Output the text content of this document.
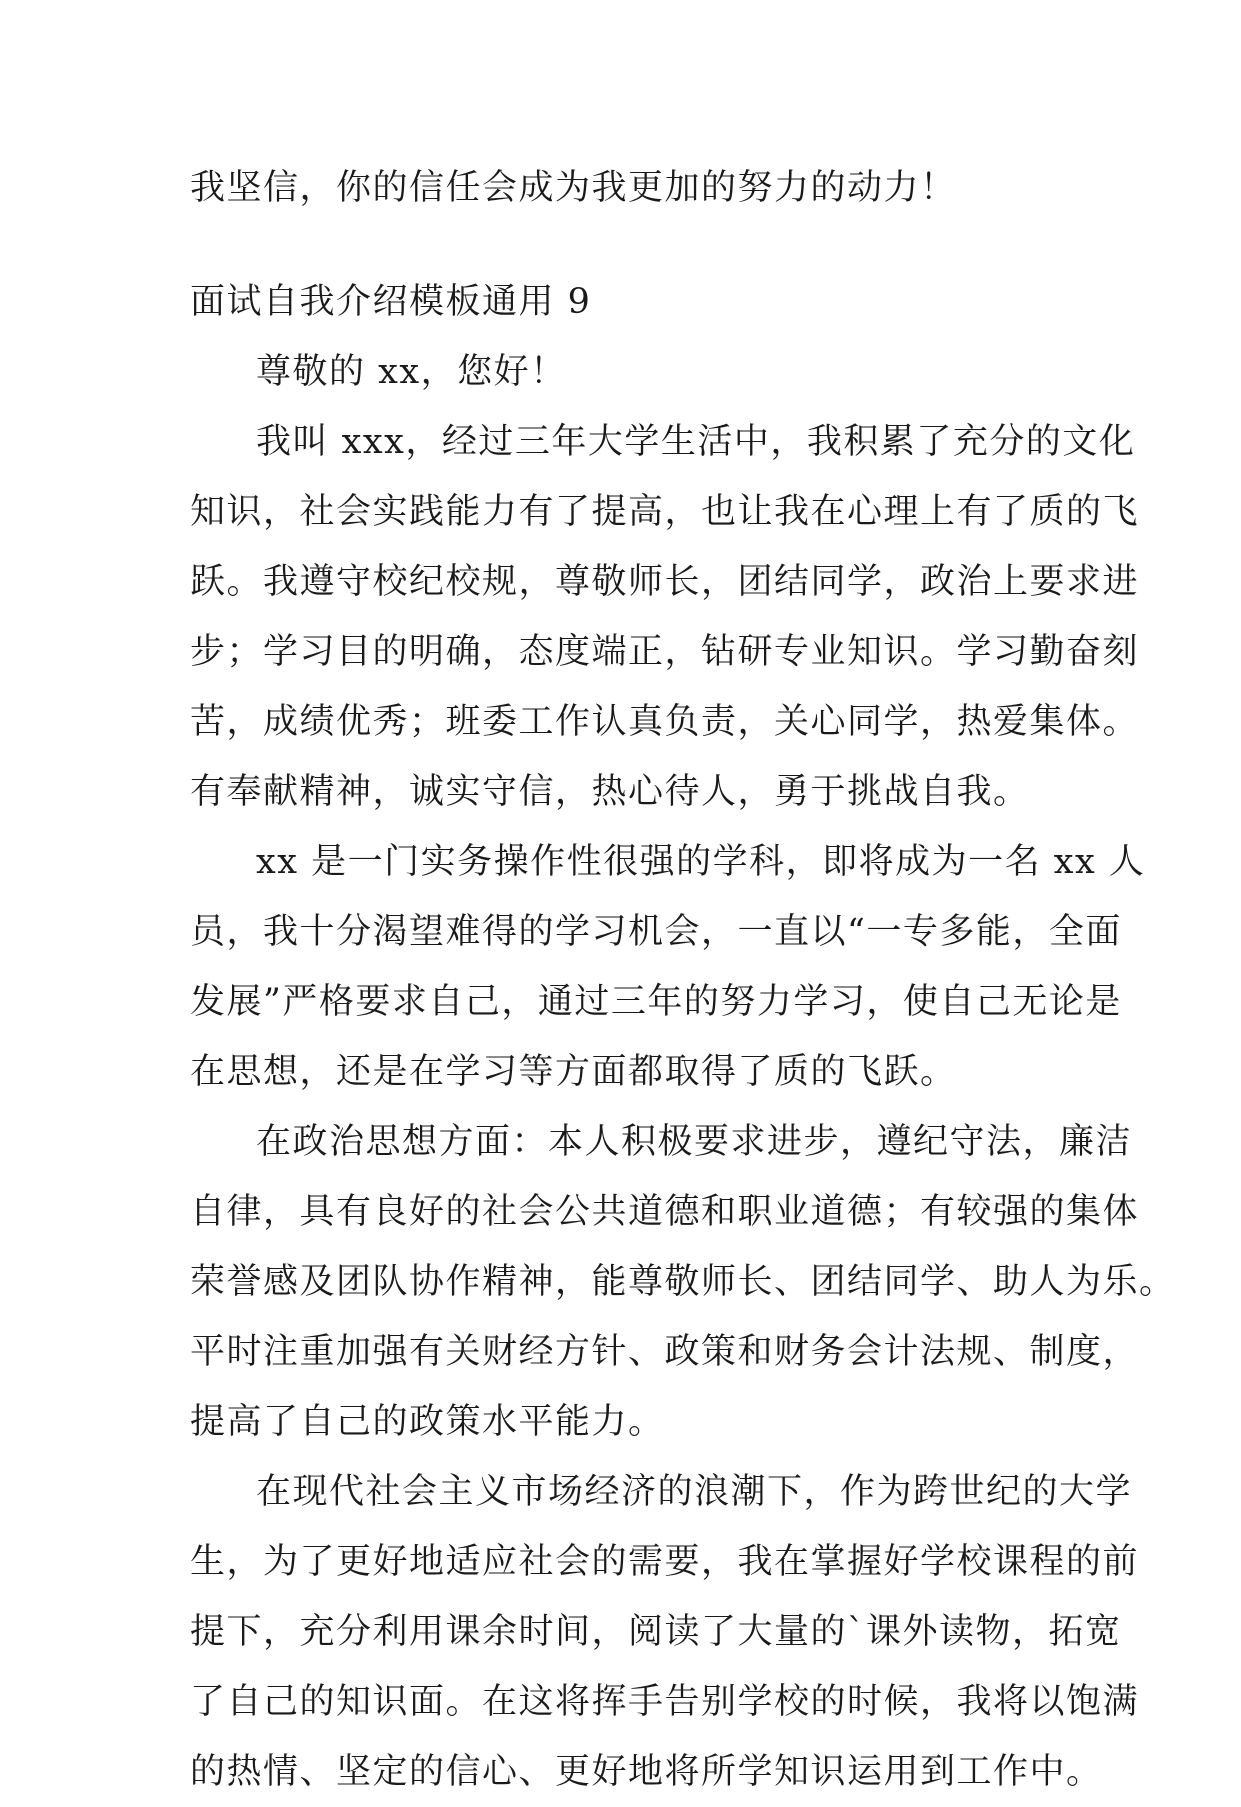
我坚信，你的信任会成为我更加的努力的动力！
面试自我介绍模板通用 9
尊敬的 xx，您好！
我叫 xxx，经过三年大学生活中，我积累了充分的文化
知识，社会实践能力有了提高，也让我在心理上有了质的飞
跃。我遵守校纪校规，尊敬师长，团结同学，政治上要求进
步；学习目的明确，态度端正，钻研专业知识。学习勤奋刻
苦，成绩优秀；班委工作认真负责，关心同学，热爱集体。
有奉献精神，诚实守信，热心待人，勇于挑战自我。
xx 是一门实务操作性很强的学科，即将成为一名 xx 人
员，我十分渴望难得的学习机会，一直以“一专多能，全面
发展”严格要求自己，通过三年的努力学习，使自己无论是
在思想，还是在学习等方面都取得了质的飞跃。
在政治思想方面：本人积极要求进步，遵纪守法，廉洁
自律，具有良好的社会公共道德和职业道德；有较强的集体
荣誉感及团队协作精神，能尊敬师长、团结同学、助人为乐。
平时注重加强有关财经方针、政策和财务会计法规、制度，
提高了自己的政策水平能力。
在现代社会主义市场经济的浪潮下，作为跨世纪的大学
生，为了更好地适应社会的需要，我在掌握好学校课程的前
提下，充分利用课余时间，阅读了大量的`课外读物，拓宽
了自己的知识面。在这将挥手告别学校的时候，我将以饱满
的热情、坚定的信心、更好地将所学知识运用到工作中。
